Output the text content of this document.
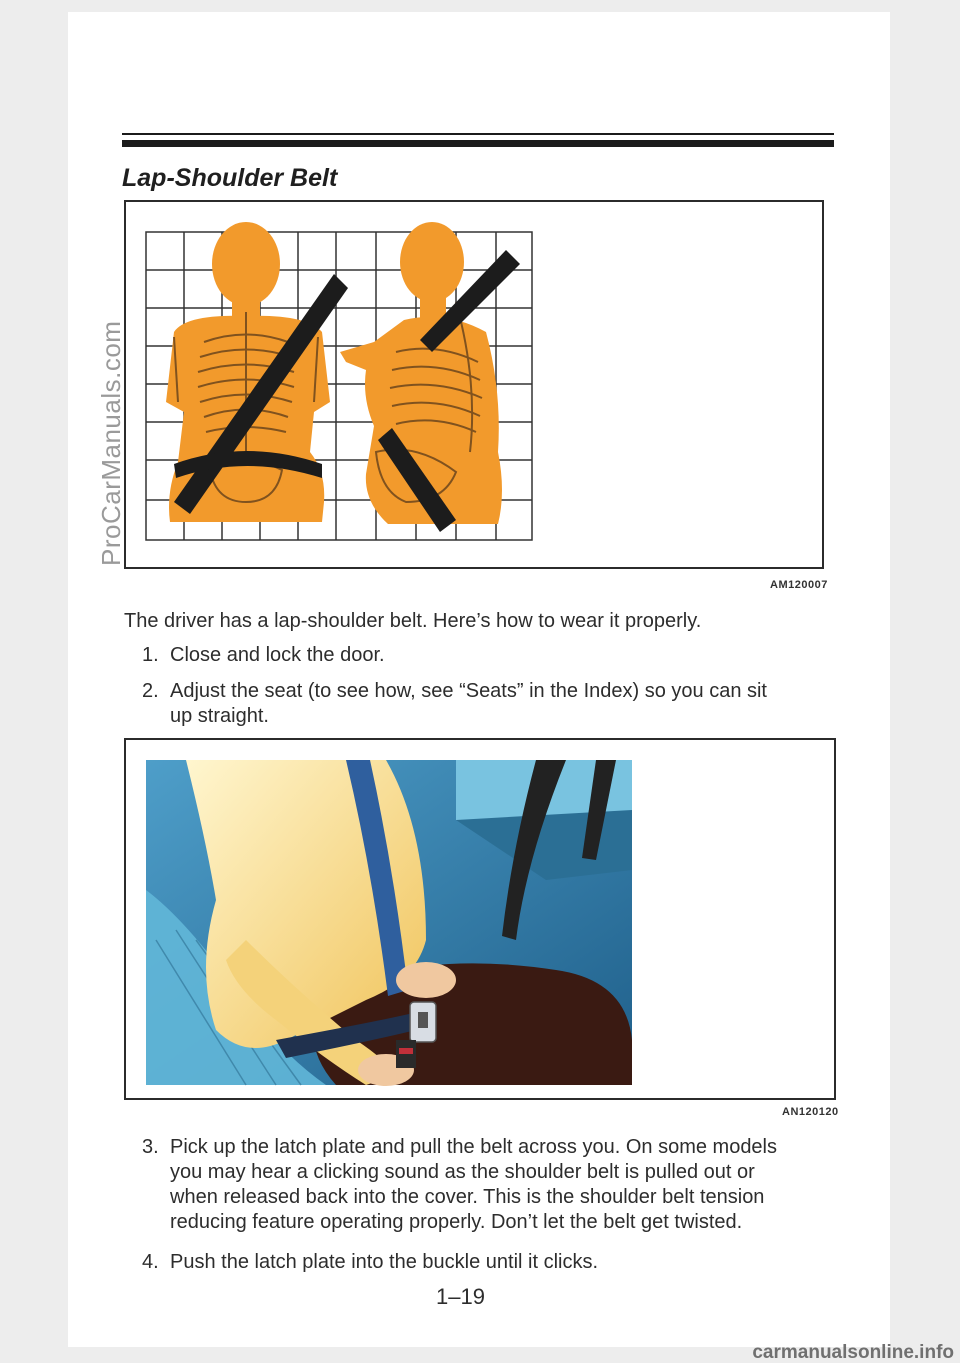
Lap-Shoulder Belt
AM120007
The driver has a lap-shoulder belt. Here’s how to wear it properly.
1. Close and lock the door.
2. Adjust the seat (to see how, see “Seats” in the Index) so you can sit
up straight.
AN120120
3. Pick up the latch plate and pull the belt across you. On some models
you may hear a clicking sound as the shoulder belt is pulled out or
when released back into the cover. This is the shoulder belt tension
reducing feature operating properly. Don’t let the belt get twisted.
4. Push the latch plate into the buckle until it clicks.
1–19
ProCarManuals.com
carmanualsonline.info
